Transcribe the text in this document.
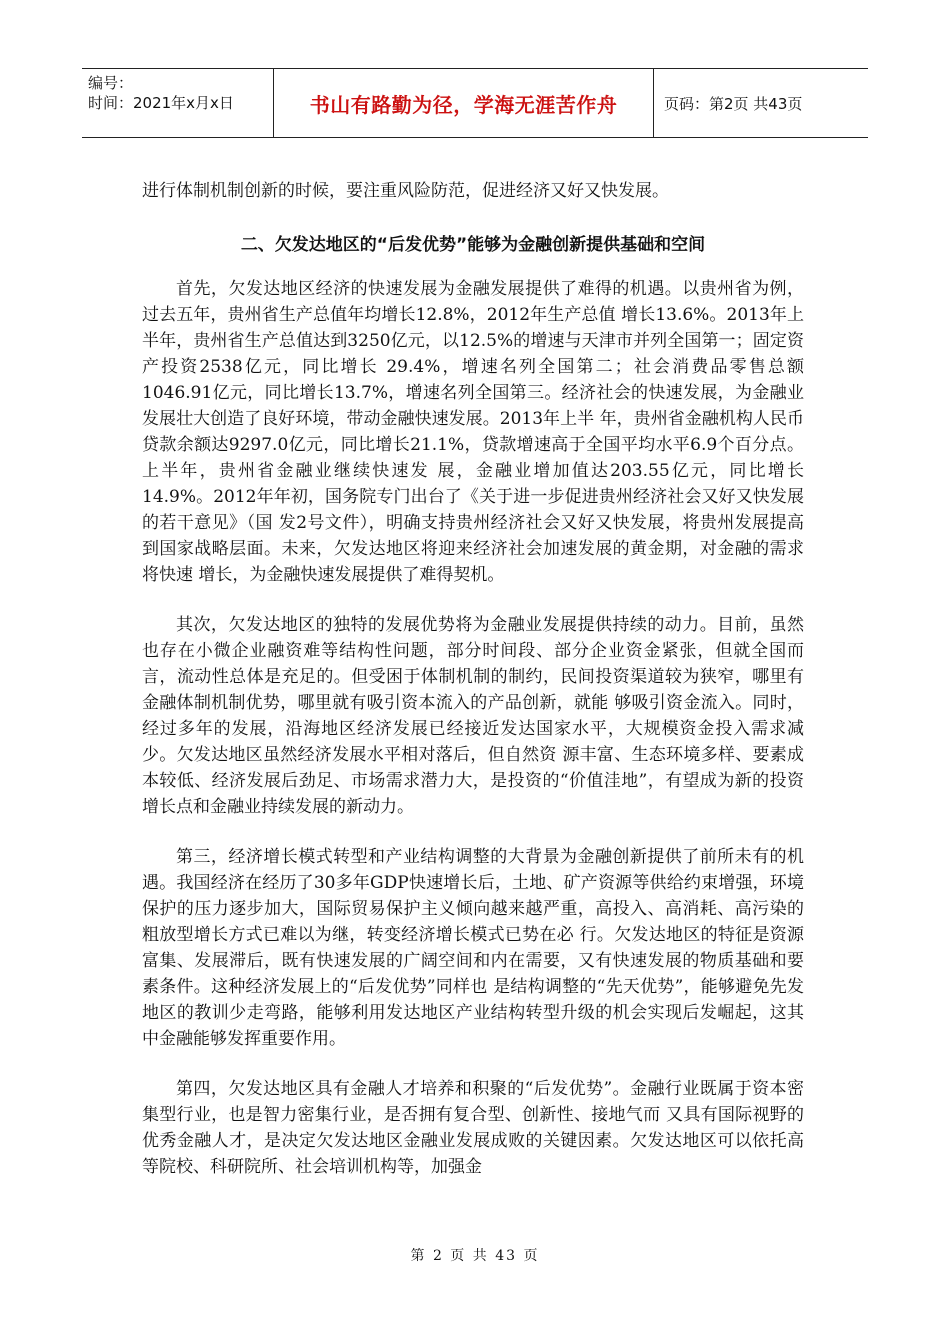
编号：
时间：2021年x月x日	书山有路勤为径，学海无涯苦作舟	页码：第2页 共43页

进行体制机制创新的时候，要注重风险防范，促进经济又好又快发展。

二、欠发达地区的“后发优势”能够为金融创新提供基础和空间

首先，欠发达地区经济的快速发展为金融发展提供了难得的机遇。以贵州省为例，过去五年，贵州省生产总值年均增长12.8%，2012年生产总值 增长13.6%。2013年上半年，贵州省生产总值达到3250亿元，以12.5%的增速与天津市并列全国第一；固定资产投资2538亿元，同比增长 29.4%，增速名列全国第二；社会消费品零售总额 1046.91亿元，同比增长13.7%，增速名列全国第三。经济社会的快速发展，为金融业发展壮大创造了良好环境，带动金融快速发展。2013年上半 年，贵州省金融机构人民币贷款余额达9297.0亿元，同比增长21.1%，贷款增速高于全国平均水平6.9个百分点。上半年，贵州省金融业继续快速发 展，金融业增加值达203.55亿元，同比增长14.9%。2012年年初，国务院专门出台了《关于进一步促进贵州经济社会又好又快发展的若干意见》（国 发2号文件），明确支持贵州经济社会又好又快发展，将贵州发展提高到国家战略层面。未来，欠发达地区将迎来经济社会加速发展的黄金期，对金融的需求将快速 增长，为金融快速发展提供了难得契机。

其次，欠发达地区的独特的发展优势将为金融业发展提供持续的动力。目前，虽然也存在小微企业融资难等结构性问题，部分时间段、部分企业资金紧张，但就全国而言，流动性总体是充足的。但受困于体制机制的制约，民间投资渠道较为狭窄，哪里有金融体制机制优势，哪里就有吸引资本流入的产品创新，就能 够吸引资金流入。同时，经过多年的发展，沿海地区经济发展已经接近发达国家水平，大规模资金投入需求减少。欠发达地区虽然经济发展水平相对落后，但自然资 源丰富、生态环境多样、要素成本较低、经济发展后劲足、市场需求潜力大，是投资的“价值洼地”，有望成为新的投资增长点和金融业持续发展的新动力。

第三，经济增长模式转型和产业结构调整的大背景为金融创新提供了前所未有的机遇。我国经济在经历了30多年GDP快速增长后，土地、矿产资源等供给约束增强，环境保护的压力逐步加大，国际贸易保护主义倾向越来越严重，高投入、高消耗、高污染的粗放型增长方式已难以为继，转变经济增长模式已势在必 行。欠发达地区的特征是资源富集、发展滞后，既有快速发展的广阔空间和内在需要，又有快速发展的物质基础和要素条件。这种经济发展上的“后发优势”同样也 是结构调整的“先天优势”，能够避免先发地区的教训少走弯路，能够利用发达地区产业结构转型升级的机会实现后发崛起，这其中金融能够发挥重要作用。

第四，欠发达地区具有金融人才培养和积聚的“后发优势”。金融行业既属于资本密集型行业，也是智力密集行业，是否拥有复合型、创新性、接地气而 又具有国际视野的优秀金融人才，是决定欠发达地区金融业发展成败的关键因素。欠发达地区可以依托高等院校、科研院所、社会培训机构等，加强金

第 2 页 共 43 页
